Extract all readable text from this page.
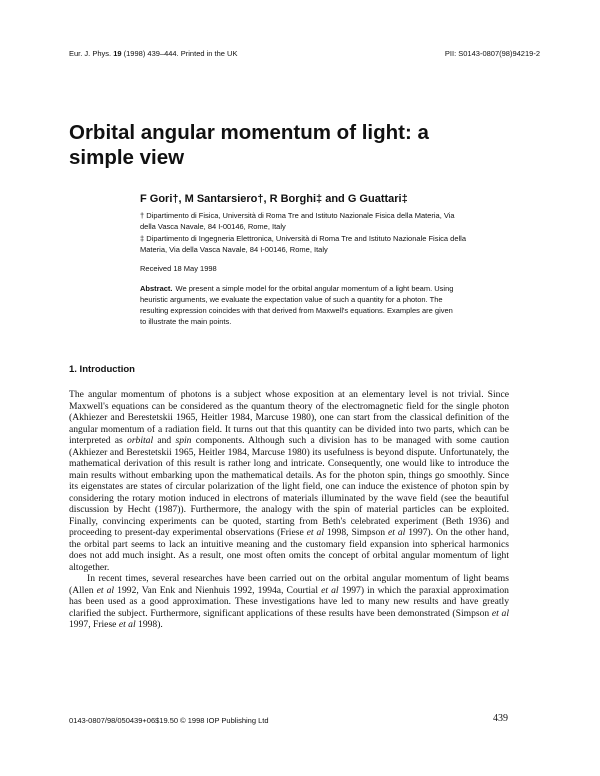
Eur. J. Phys. 19 (1998) 439–444. Printed in the UK	PII: S0143-0807(98)94219-2
Orbital angular momentum of light: a simple view
F Gori†, M Santarsiero†, R Borghi‡ and G Guattari‡
† Dipartimento di Fisica, Università di Roma Tre and Istituto Nazionale Fisica della Materia, Via della Vasca Navale, 84 I-00146, Rome, Italy
‡ Dipartimento di Ingegneria Elettronica, Università di Roma Tre and Istituto Nazionale Fisica della Materia, Via della Vasca Navale, 84 I-00146, Rome, Italy
Received 18 May 1998

Abstract. We present a simple model for the orbital angular momentum of a light beam. Using heuristic arguments, we evaluate the expectation value of such a quantity for a photon. The resulting expression coincides with that derived from Maxwell's equations. Examples are given to illustrate the main points.

1. Introduction

The angular momentum of photons is a subject whose exposition at an elementary level is not trivial. Since Maxwell's equations can be considered as the quantum theory of the electromagnetic field for the single photon (Akhiezer and Berestetskii 1965, Heitler 1984, Marcuse 1980), one can start from the classical definition of the angular momentum of a radiation field. It turns out that this quantity can be divided into two parts, which can be interpreted as orbital and spin components. Although such a division has to be managed with some caution (Akhiezer and Berestetskii 1965, Heitler 1984, Marcuse 1980) its usefulness is beyond dispute. Unfortunately, the mathematical derivation of this result is rather long and intricate. Consequently, one would like to introduce the main results without embarking upon the mathematical details. As for the photon spin, things go smoothly. Since its eigenstates are states of circular polarization of the light field, one can induce the existence of photon spin by considering the rotary motion induced in electrons of materials illuminated by the wave field (see the beautiful discussion by Hecht (1987)). Furthermore, the analogy with the spin of material particles can be exploited. Finally, convincing experiments can be quoted, starting from Beth's celebrated experiment (Beth 1936) and proceeding to present-day experimental observations (Friese et al 1998, Simpson et al 1997). On the other hand, the orbital part seems to lack an intuitive meaning and the customary field expansion into spherical harmonics does not add much insight. As a result, one most often omits the concept of orbital angular momentum of light altogether.

In recent times, several researches have been carried out on the orbital angular momentum of light beams (Allen et al 1992, Van Enk and Nienhuis 1992, 1994a, Courtial et al 1997) in which the paraxial approximation has been used as a good approximation. These investigations have led to many new results and have greatly clarified the subject. Furthermore, significant applications of these results have been demonstrated (Simpson et al 1997, Friese et al 1998).

0143-0807/98/050439+06$19.50 © 1998 IOP Publishing Ltd	439
